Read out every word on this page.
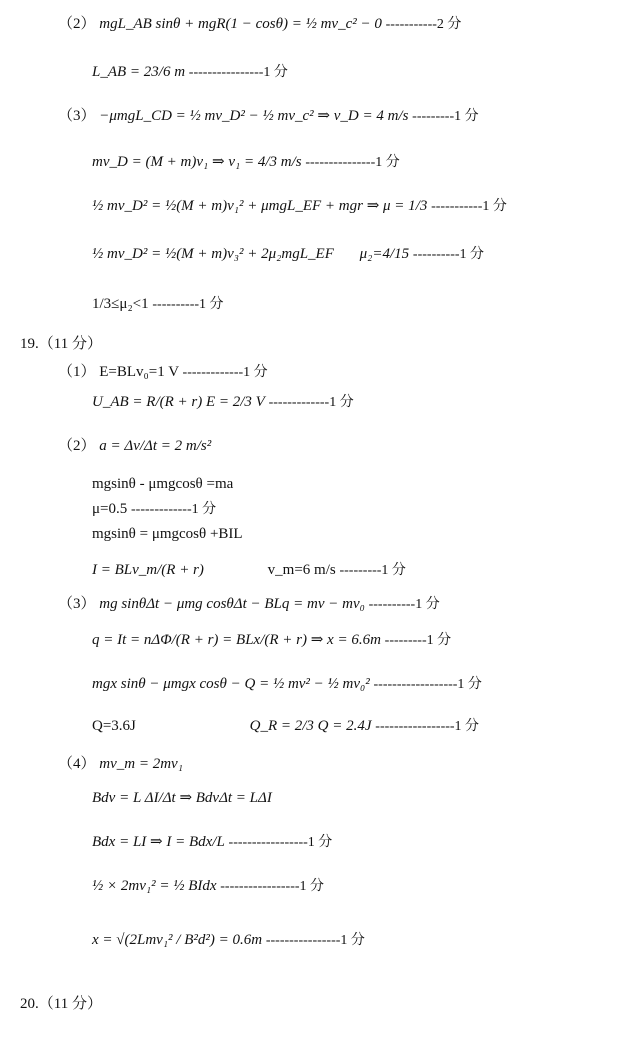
（2） mgL_AB sinθ + mgR(1 − cosθ) = ½ mv_c² − 0 -----------2 分
L_AB = 23/6 m ----------------1 分
（3） −μmgL_CD = ½ mv_D² − ½ mv_c² ⇒ v_D = 4 m/s ---------1 分
mv_D = (M + m)v₁ ⇒ v₁ = 4/3 m/s ---------------1 分
½ mv_D² = ½(M + m)v₁² + μmgL_EF + mgr ⇒ μ = 1/3 -----------1 分
½ mv_D² = ½(M + m)v₃² + 2μ₂mgL_EF μ₂=4/15 ----------1 分
1/3≤μ₂<1 ----------1 分
19.（11 分）
（1） E=BLv₀=1 V -------------1 分
U_AB = R/(R + r) E = 2/3 V -------------1 分
（2） a = Δv/Δt = 2 m/s²
mgsinθ - μmgcosθ =ma
μ=0.5 -------------1 分
mgsinθ = μmgcosθ +BIL
I = BLv_m/(R + r)	v_m=6 m/s ---------1 分
（3） mg sinθΔt − μmg cosθΔt − BLq = mv − mv₀ ----------1 分
q = It = nΔΦ/(R + r) = BLx/(R + r) ⇒ x = 6.6m ---------1 分
mgx sinθ − μmgx cosθ − Q = ½ mv² − ½ mv₀² ------------------1 分
Q=3.6J	Q_R = 2/3 Q = 2.4J -----------------1 分
（4） mv_m = 2mv₁
Bdv = L ΔI/Δt ⇒ BdvΔt = LΔI
Bdx = LI ⇒ I = Bdx/L -----------------1 分
½ × 2mv₁² = ½ BIdx -----------------1 分
x = √(2Lmv₁² / B²d²) = 0.6m ----------------1 分
20.（11 分）
